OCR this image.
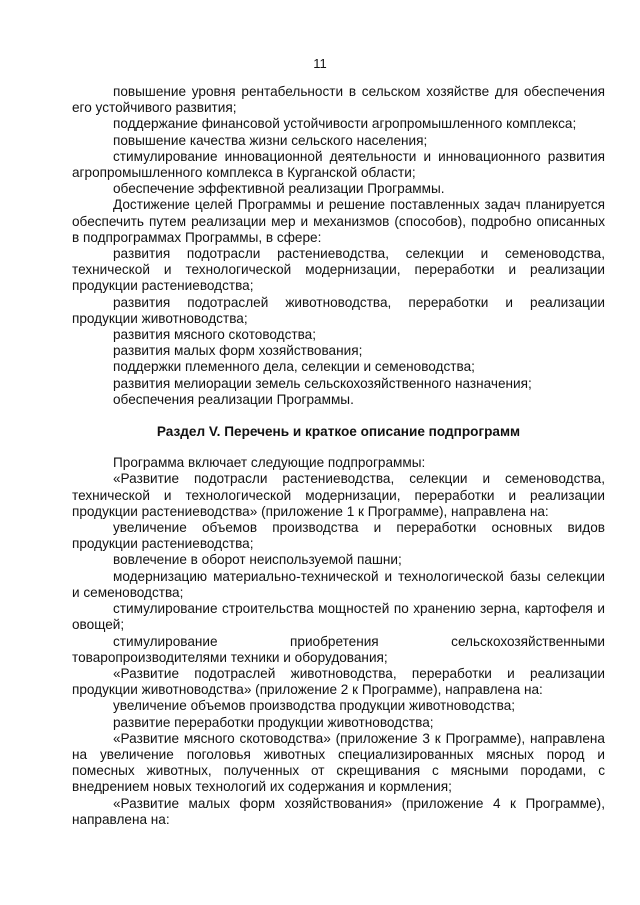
11

повышение уровня рентабельности в сельском хозяйстве для обеспечения его устойчивого развития;

поддержание финансовой устойчивости агропромышленного комплекса;

повышение качества жизни сельского населения;

стимулирование инновационной деятельности и инновационного развития агропромышленного комплекса в Курганской области;

обеспечение эффективной реализации Программы.

Достижение целей Программы и решение поставленных задач планируется обеспечить путем реализации мер и механизмов (способов), подробно описанных в подпрограммах Программы, в сфере:

развития подотрасли растениеводства, селекции и семеноводства, технической и технологической модернизации, переработки и реализации продукции растениеводства;

развития подотраслей животноводства, переработки и реализации продукции животноводства;

развития мясного скотоводства;

развития малых форм хозяйствования;

поддержки племенного дела, селекции и семеноводства;

развития мелиорации земель сельскохозяйственного назначения;

обеспечения реализации Программы.

Раздел V. Перечень и краткое описание подпрограмм

Программа включает следующие подпрограммы:

«Развитие подотрасли растениеводства, селекции и семеноводства, технической и технологической модернизации, переработки и реализации продукции растениеводства» (приложение 1 к Программе), направлена на:

увеличение объемов производства и переработки основных видов продукции растениеводства;

вовлечение в оборот неиспользуемой пашни;

модернизацию материально-технической и технологической базы селекции и семеноводства;

стимулирование строительства мощностей по хранению зерна, картофеля и овощей;

стимулирование приобретения сельскохозяйственными товаропроизводителями техники и оборудования;

«Развитие подотраслей животноводства, переработки и реализации продукции животноводства» (приложение 2 к Программе), направлена на:

увеличение объемов производства продукции животноводства;

развитие переработки продукции животноводства;

«Развитие мясного скотоводства» (приложение 3 к Программе), направлена на увеличение поголовья животных специализированных мясных пород и помесных животных, полученных от скрещивания с мясными породами, с внедрением новых технологий их содержания и кормления;

«Развитие малых форм хозяйствования» (приложение 4 к Программе), направлена на:
